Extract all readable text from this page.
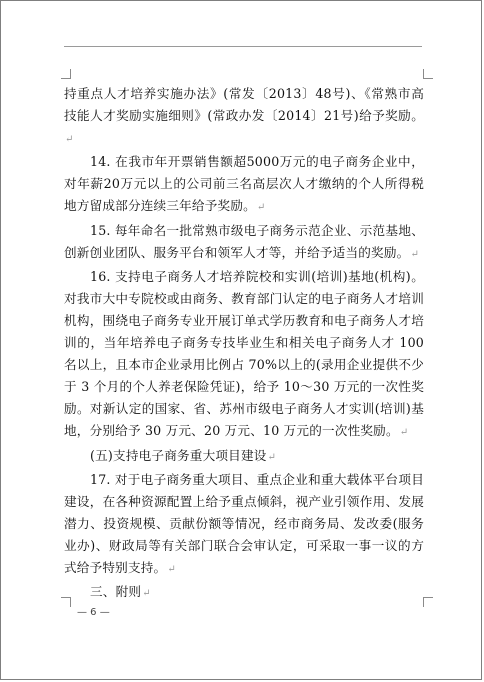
持重点人才培养实施办法》(常发〔2013〕48号)、《常熟市高技能人才奖励实施细则》(常政办发〔2014〕21号)给予奖励。↵

14. 在我市年开票销售额超5000万元的电子商务企业中，对年薪20万元以上的公司前三名高层次人才缴纳的个人所得税地方留成部分连续三年给予奖励。↵

15. 每年命名一批常熟市级电子商务示范企业、示范基地、创新创业团队、服务平台和领军人才等，并给予适当的奖励。↵

16. 支持电子商务人才培养院校和实训(培训)基地(机构)。对我市大中专院校或由商务、教育部门认定的电子商务人才培训机构，围绕电子商务专业开展订单式学历教育和电子商务人才培训的，当年培养电子商务专技毕业生和相关电子商务人才 100 名以上，且本市企业录用比例占 70%以上的(录用企业提供不少于 3 个月的个人养老保险凭证)，给予 10～30 万元的一次性奖励。对新认定的国家、省、苏州市级电子商务人才实训(培训)基地，分别给予 30 万元、20 万元、10 万元的一次性奖励。↵

(五)支持电子商务重大项目建设↵

17. 对于电子商务重大项目、重点企业和重大载体平台项目建设，在各种资源配置上给予重点倾斜，视产业引领作用、发展潜力、投资规模、贡献份额等情况，经市商务局、发改委(服务业办)、财政局等有关部门联合会审认定，可采取一事一议的方式给予特别支持。↵

三、附则↵

— 6 —
